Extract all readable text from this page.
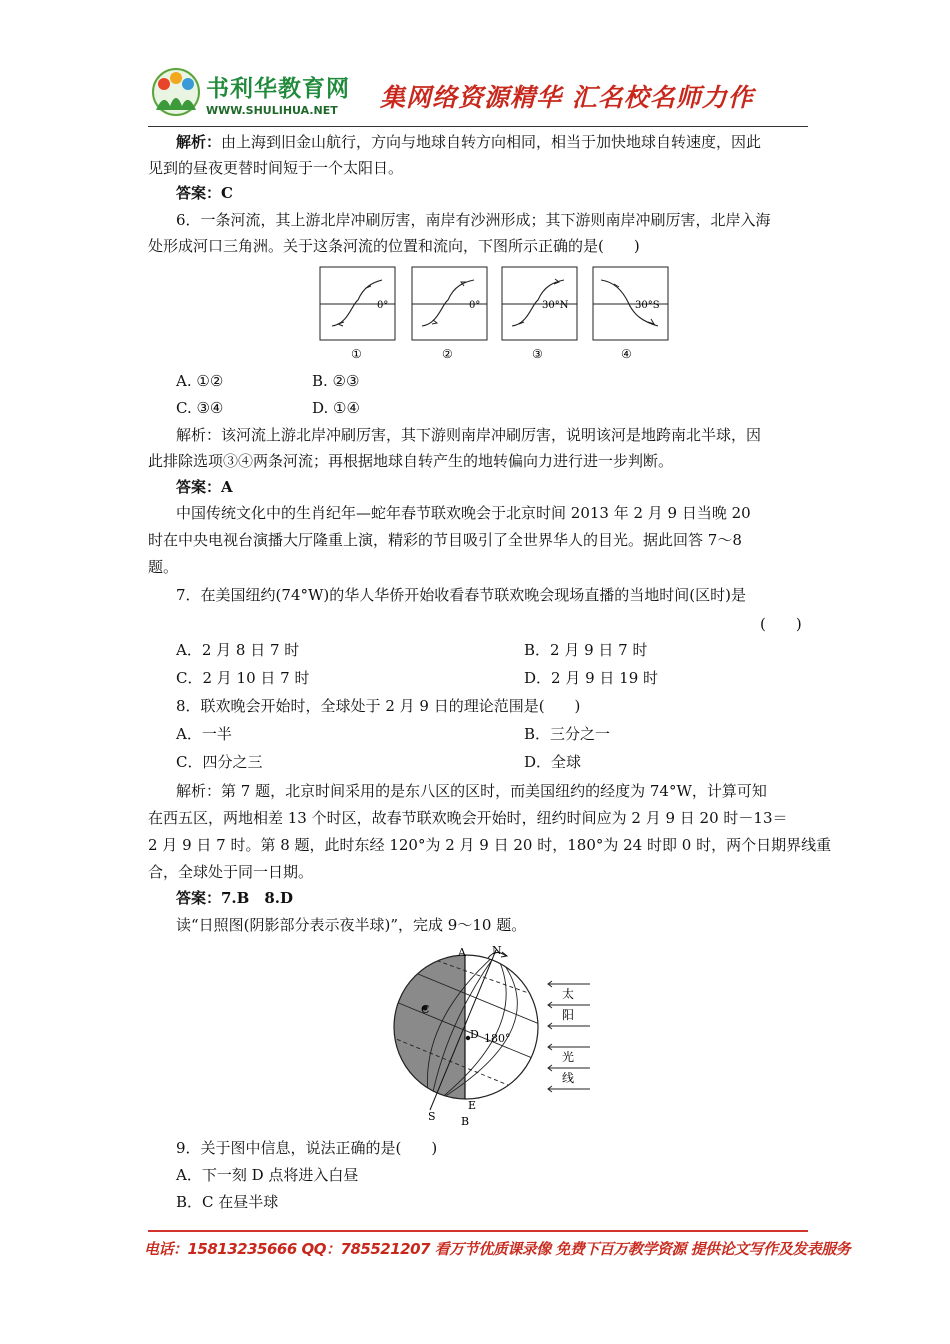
书利华教育网
WWW.SHULIHUA.NET 集网络资源精华 汇名校名师力作
解析：由上海到旧金山航行，方向与地球自转方向相同，相当于加快地球自转速度，因此
见到的昼夜更替时间短于一个太阳日。
答案：C
6．一条河流，其上游北岸冲刷厉害，南岸有沙洲形成；其下游则南岸冲刷厉害，北岸入海
处形成河口三角洲。关于这条河流的位置和流向，下图所示正确的是(　　)
0°	0°	30°N	30°S
①	②	③	④
A. ①②	B. ②③
C. ③④	D. ①④
解析：该河流上游北岸冲刷厉害，其下游则南岸冲刷厉害，说明该河是地跨南北半球，因
此排除选项③④两条河流；再根据地球自转产生的地转偏向力进行进一步判断。
答案：A
中国传统文化中的生肖纪年—蛇年春节联欢晚会于北京时间 2013 年 2 月 9 日当晚 20
时在中央电视台演播大厅隆重上演，精彩的节目吸引了全世界华人的目光。据此回答 7～8
题。
7．在美国纽约(74°W)的华人华侨开始收看春节联欢晚会现场直播的当地时间(区时)是
(　　)
A．2 月 8 日 7 时	B．2 月 9 日 7 时
C．2 月 10 日 7 时	D．2 月 9 日 19 时
8．联欢晚会开始时，全球处于 2 月 9 日的理论范围是(　　)
A．一半	B．三分之一
C．四分之三	D．全球
解析：第 7 题，北京时间采用的是东八区的区时，而美国纽约的经度为 74°W，计算可知
在西五区，两地相差 13 个时区，故春节联欢晚会开始时，纽约时间应为 2 月 9 日 20 时－13＝
2 月 9 日 7 时。第 8 题，此时东经 120°为 2 月 9 日 20 时，180°为 24 时即 0 时，两个日期界线重
合，全球处于同一日期。
答案：7.B　8.D
读“日照图(阴影部分表示夜半球)”，完成 9～10 题。
A N
C
D 180°
S
E
B
太
阳
光
线
9．关于图中信息，说法正确的是(　　)
A．下一刻 D 点将进入白昼
B．C 在昼半球
电话：15813235666 QQ：785521207 看万节优质课录像 免费下百万教学资源 提供论文写作及发表服务
